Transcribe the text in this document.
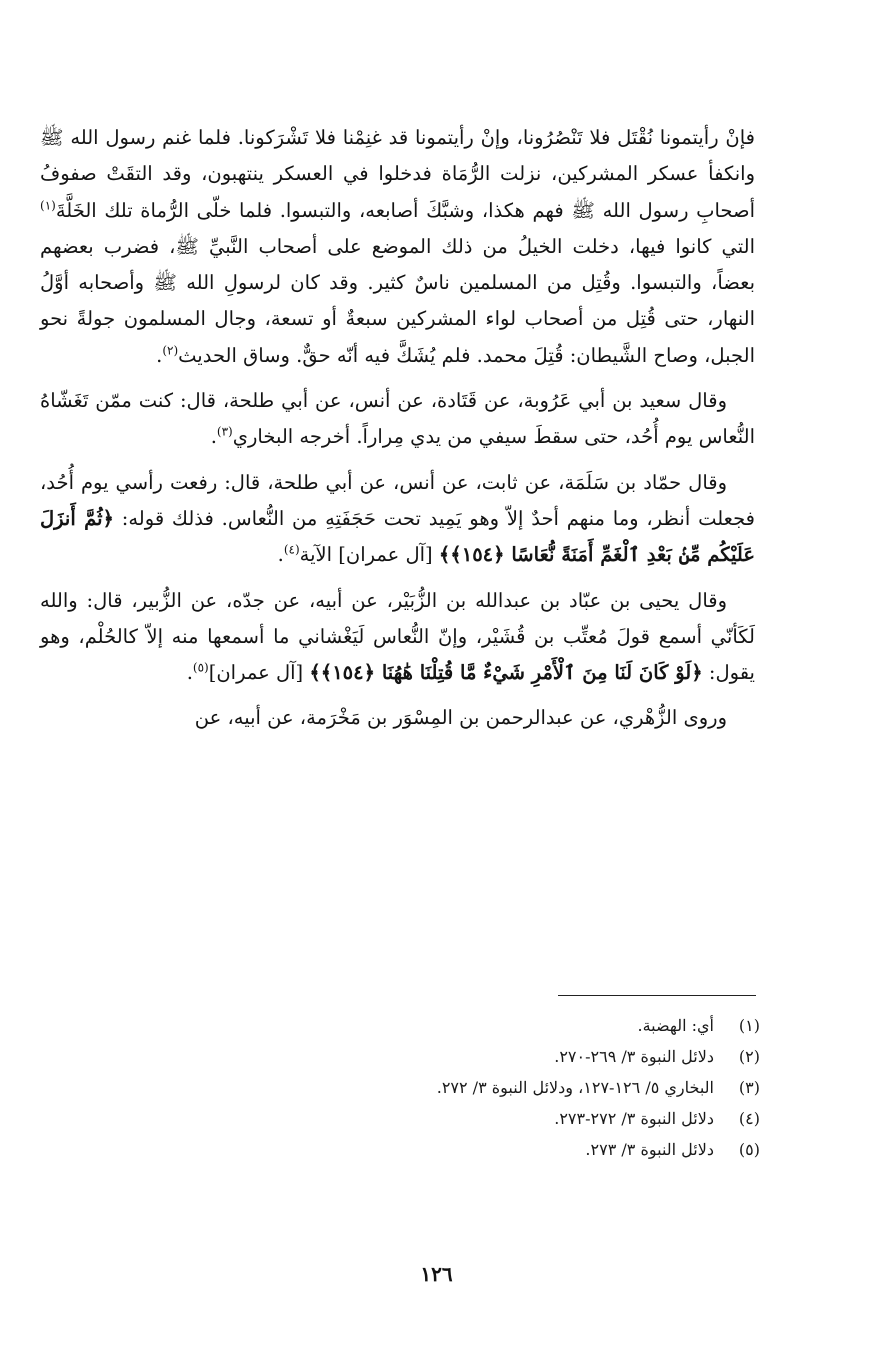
فإنْ رأيتمونا نُقْتَل فلا تَنْصُرُونا، وإنْ رأيتمونا قد غنِمْنا فلا تَشْرَكونا. فلما غنم رسول الله ﷺ وانكفأ عسكر المشركين، نزلت الرُّمَاة فدخلوا في العسكر ينتهبون، وقد التقَتْ صفوفُ أصحابِ رسول الله ﷺ فهم هكذا، وشبَّكَ أصابعه، والتبسوا. فلما خلّى الرُّماة تلك الخَلَّةَ$^{(١)}$ التي كانوا فيها، دخلت الخيلُ من ذلك الموضع على أصحاب النَّبيِّ ﷺ، فضرب بعضهم بعضاً، والتبسوا. وقُتِل من المسلمين ناسٌ كثير. وقد كان لرسولِ الله ﷺ وأصحابه أوَّلُ النهار، حتى قُتِل من أصحاب لواء المشركين سبعةٌ أو تسعة، وجال المسلمون جولةً نحو الجبل، وصاح الشَّيطان: قُتِلَ محمد. فلم يُشَكَّ فيه أنّه حقٌّ. وساق الحديث$^{(٢)}$.

وقال سعيد بن أبي عَرُوبة، عن قَتَادة، عن أنس، عن أبي طلحة، قال: كنت ممّن تَغَشّاهُ النُّعاس يوم أُحُد، حتى سقطَ سيفي من يدي مِراراً. أخرجه البخاري$^{(٣)}$.

وقال حمّاد بن سَلَمَة، عن ثابت، عن أنس، عن أبي طلحة، قال: رفعت رأسي يوم أُحُد، فجعلت أنظر، وما منهم أحدٌ إلاّ وهو يَمِيد تحت حَجَفَتِهِ من النُّعاس. فذلك قوله: ﴿ثُمَّ أَنزَلَ عَلَيْكُم مِّنۢ بَعْدِ ٱلْغَمِّ أَمَنَةً نُّعَاسًا ﴿١٥٤﴾﴾ [آل عمران] الآية$^{(٤)}$.

وقال يحيى بن عبّاد بن عبدالله بن الزُّبَيْر، عن أبيه، عن جدّه، عن الزُّبير، قال: والله لَكَأنّي أسمع قولَ مُعتِّب بن قُشَيْر، وإنّ النُّعاس لَيَغْشاني ما أسمعها منه إلاّ كالحُلْم، وهو يقول: ﴿لَوْ كَانَ لَنَا مِنَ ٱلْأَمْرِ شَيْءٌ مَّا قُتِلْنَا هَٰهُنَا ﴿١٥٤﴾﴾ [آل عمران]$^{(٥)}$.

وروى الزُّهْري، عن عبدالرحمن بن المِسْوَر بن مَخْرَمة، عن أبيه، عن

(١)
أي: الهضبة.
(٢)
دلائل النبوة ٣/ ٢٦٩-٢٧٠.
(٣)
البخاري ٥/ ١٢٦-١٢٧، ودلائل النبوة ٣/ ٢٧٢.
(٤)
دلائل النبوة ٣/ ٢٧٢-٢٧٣.
(٥)
دلائل النبوة ٣/ ٢٧٣.
١٢٦
